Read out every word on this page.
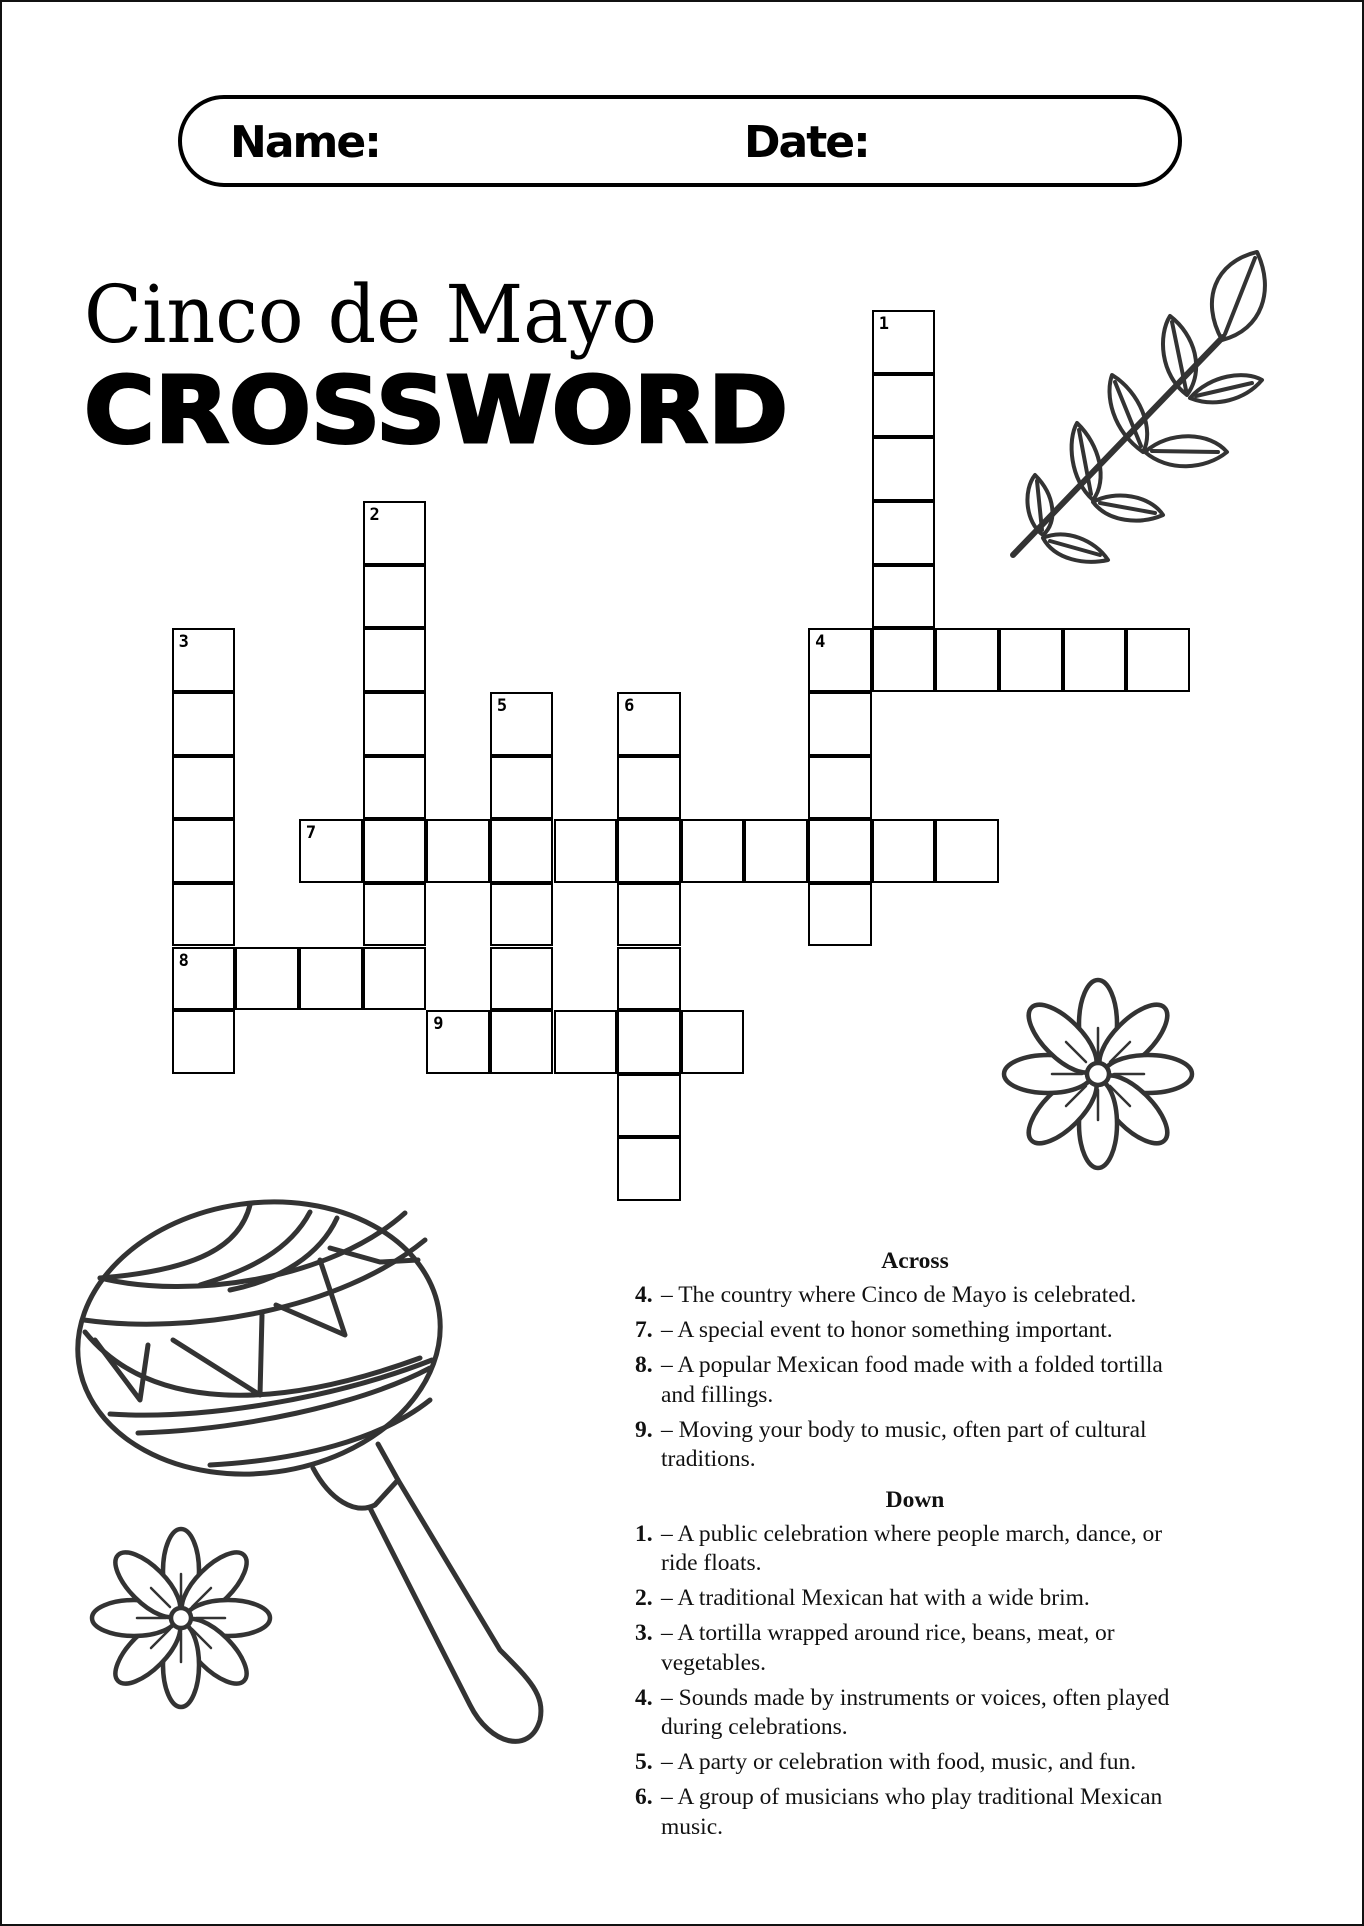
Name:	Date:
Cinco de Mayo
CROSSWORD
1
2
3
8
4
5	6
7
9
Across
4. – The country where Cinco de Mayo is celebrated.
7. – A special event to honor something important.
8. – A popular Mexican food made with a folded tortilla and fillings.
9. – Moving your body to music, often part of cultural traditions.
Down
1. – A public celebration where people march, dance, or ride floats.
2. – A traditional Mexican hat with a wide brim.
3. – A tortilla wrapped around rice, beans, meat, or vegetables.
4. – Sounds made by instruments or voices, often played during celebrations.
5. – A party or celebration with food, music, and fun.
6. – A group of musicians who play traditional Mexican music.
